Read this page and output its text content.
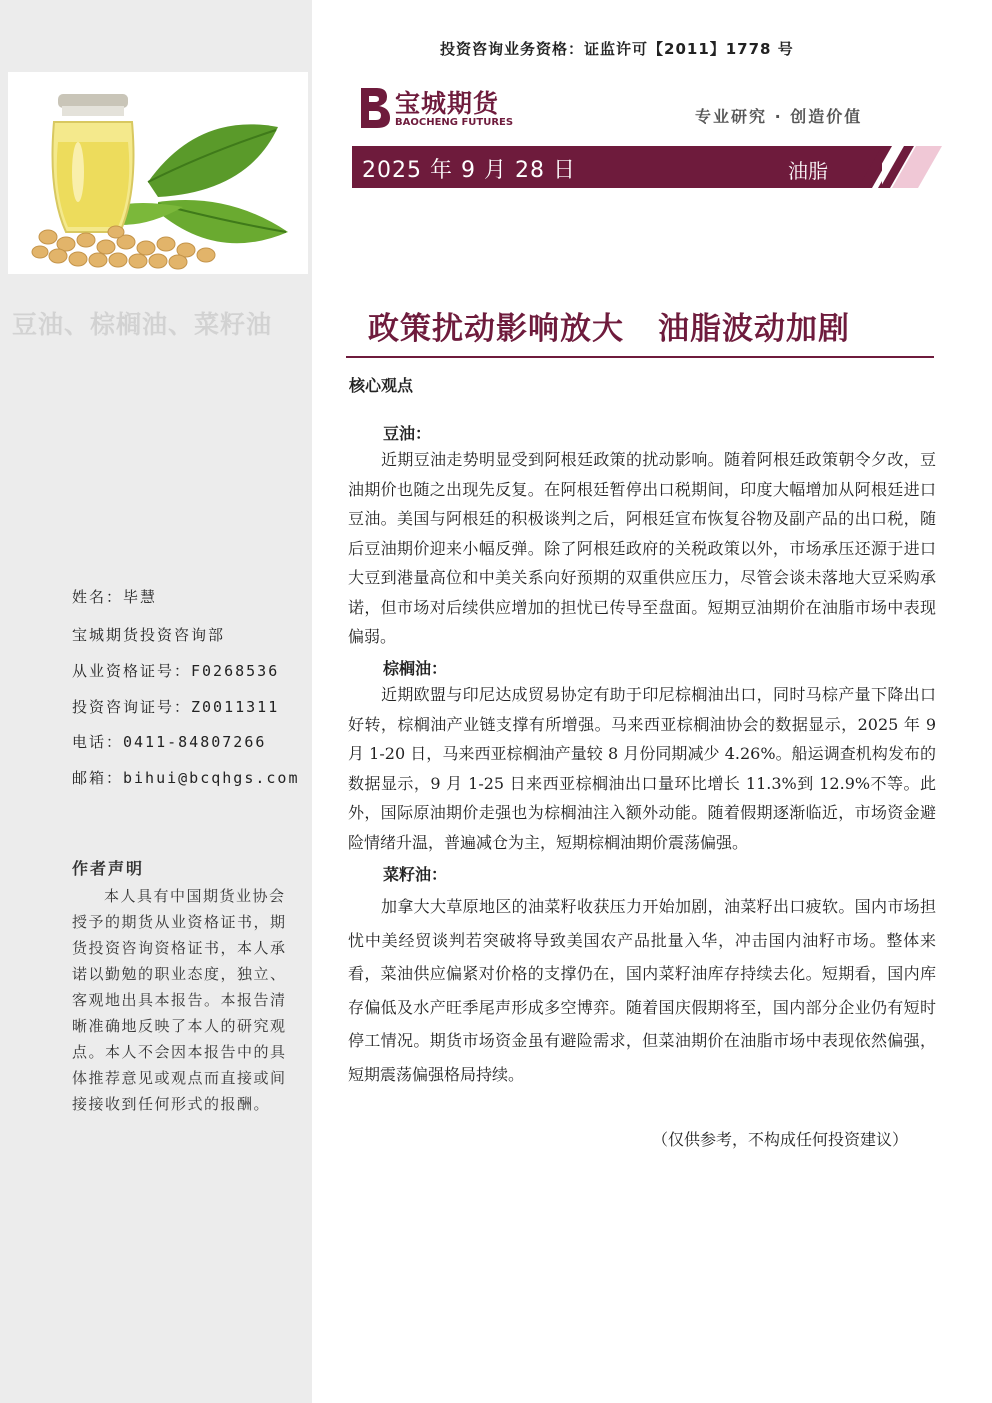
豆油、棕榈油、菜籽油
姓名：毕慧
宝城期货投资咨询部
从业资格证号：F0268536
投资咨询证号：Z0011311
电话：0411-84807266
邮箱：bihui@bcqhgs.com
作者声明
本人具有中国期货业协会授予的期货从业资格证书，期货投资咨询资格证书，本人承诺以勤勉的职业态度，独立、客观地出具本报告。本报告清晰准确地反映了本人的研究观点。本人不会因本报告中的具体推荐意见或观点而直接或间接接收到任何形式的报酬。
投资咨询业务资格：证监许可【2011】1778 号
宝城期货
BAOCHENG FUTURES	专业研究 · 创造价值
2025 年 9 月 28 日	油脂
政策扰动影响放大 油脂波动加剧
核心观点
豆油：
近期豆油走势明显受到阿根廷政策的扰动影响。随着阿根廷政策朝令夕改，豆油期价也随之出现先反复。在阿根廷暂停出口税期间，印度大幅增加从阿根廷进口豆油。美国与阿根廷的积极谈判之后，阿根廷宣布恢复谷物及副产品的出口税，随后豆油期价迎来小幅反弹。除了阿根廷政府的关税政策以外，市场承压还源于进口大豆到港量高位和中美关系向好预期的双重供应压力，尽管会谈未落地大豆采购承诺，但市场对后续供应增加的担忧已传导至盘面。短期豆油期价在油脂市场中表现偏弱。
棕榈油：
近期欧盟与印尼达成贸易协定有助于印尼棕榈油出口，同时马棕产量下降出口好转，棕榈油产业链支撑有所增强。马来西亚棕榈油协会的数据显示，2025 年 9 月 1-20 日，马来西亚棕榈油产量较 8 月份同期减少 4.26%。船运调查机构发布的数据显示，9 月 1-25 日来西亚棕榈油出口量环比增长 11.3%到 12.9%不等。此外，国际原油期价走强也为棕榈油注入额外动能。随着假期逐渐临近，市场资金避险情绪升温，普遍减仓为主，短期棕榈油期价震荡偏强。
菜籽油：
加拿大大草原地区的油菜籽收获压力开始加剧，油菜籽出口疲软。国内市场担忧中美经贸谈判若突破将导致美国农产品批量入华，冲击国内油籽市场。整体来看，菜油供应偏紧对价格的支撑仍在，国内菜籽油库存持续去化。短期看，国内库存偏低及水产旺季尾声形成多空博弈。随着国庆假期将至，国内部分企业仍有短时停工情况。期货市场资金虽有避险需求，但菜油期价在油脂市场中表现依然偏强，短期震荡偏强格局持续。
（仅供参考，不构成任何投资建议）
